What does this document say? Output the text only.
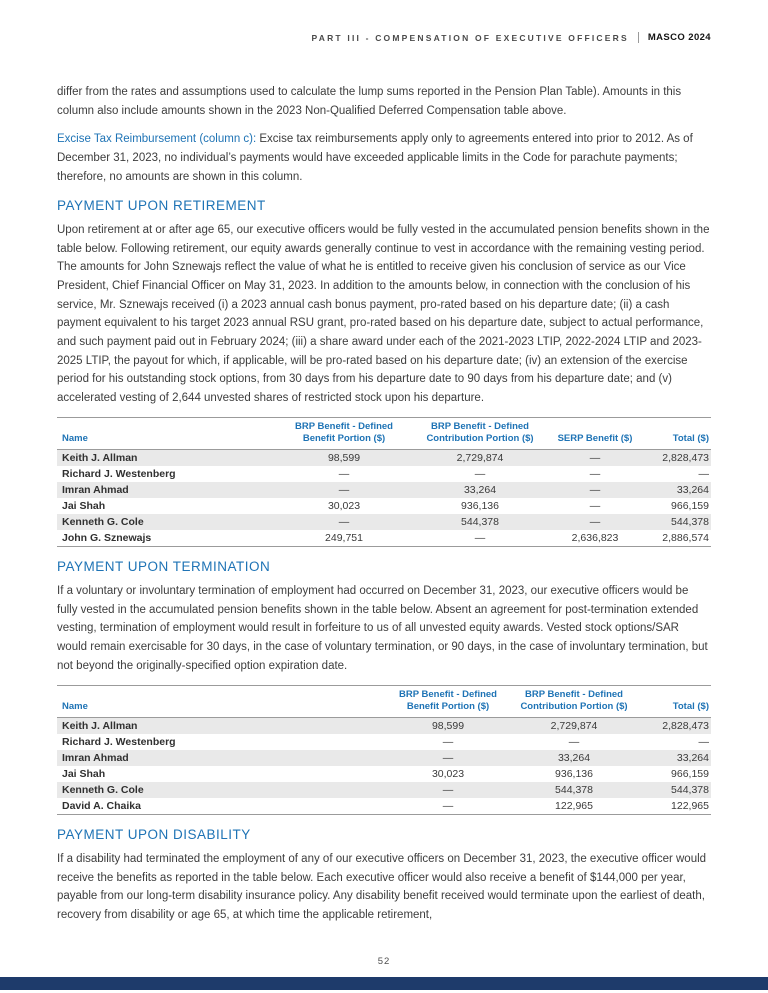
PART III - COMPENSATION OF EXECUTIVE OFFICERS MASCO 2024

differ from the rates and assumptions used to calculate the lump sums reported in the Pension Plan Table). Amounts in this column also include amounts shown in the 2023 Non-Qualified Deferred Compensation table above.

Excise Tax Reimbursement (column c): Excise tax reimbursements apply only to agreements entered into prior to 2012. As of December 31, 2023, no individual’s payments would have exceeded applicable limits in the Code for parachute payments; therefore, no amounts are shown in this column.

PAYMENT UPON RETIREMENT

Upon retirement at or after age 65, our executive officers would be fully vested in the accumulated pension benefits shown in the table below. Following retirement, our equity awards generally continue to vest in accordance with the remaining vesting period. The amounts for John Sznewajs reflect the value of what he is entitled to receive given his conclusion of service as our Vice President, Chief Financial Officer on May 31, 2023. In addition to the amounts below, in connection with the conclusion of his service, Mr. Sznewajs received (i) a 2023 annual cash bonus payment, pro-rated based on his departure date; (ii) a cash payment equivalent to his target 2023 annual RSU grant, pro-rated based on his departure date, subject to actual performance, and such payment paid out in February 2024; (iii) a share award under each of the 2021-2023 LTIP, 2022-2024 LTIP and 2023-2025 LTIP, the payout for which, if applicable, will be pro-rated based on his departure date; (iv) an extension of the exercise period for his outstanding stock options, from 30 days from his departure date to 90 days from his departure date; and (v) accelerated vesting of 2,644 unvested shares of restricted stock upon his departure.

Name	BRP Benefit - Defined Benefit Portion ($)	BRP Benefit - Defined Contribution Portion ($)	SERP Benefit ($)	Total ($)
Keith J. Allman	98,599	2,729,874	—	2,828,473
Richard J. Westenberg	—	—	—	—
Imran Ahmad	—	33,264	—	33,264
Jai Shah	30,023	936,136	—	966,159
Kenneth G. Cole	—	544,378	—	544,378
John G. Sznewajs	249,751	—	2,636,823	2,886,574
PAYMENT UPON TERMINATION

If a voluntary or involuntary termination of employment had occurred on December 31, 2023, our executive officers would be fully vested in the accumulated pension benefits shown in the table below. Absent an agreement for post-termination extended vesting, termination of employment would result in forfeiture to us of all unvested equity awards. Vested stock options/SAR would remain exercisable for 30 days, in the case of voluntary termination, or 90 days, in the case of involuntary termination, but not beyond the originally-specified option expiration date.

Name	BRP Benefit - Defined Benefit Portion ($)	BRP Benefit - Defined Contribution Portion ($)	Total ($)
Keith J. Allman	98,599	2,729,874	2,828,473
Richard J. Westenberg	—	—	—
Imran Ahmad	—	33,264	33,264
Jai Shah	30,023	936,136	966,159
Kenneth G. Cole	—	544,378	544,378
David A. Chaika	—	122,965	122,965
PAYMENT UPON DISABILITY

If a disability had terminated the employment of any of our executive officers on December 31, 2023, the executive officer would receive the benefits as reported in the table below. Each executive officer would also receive a benefit of $144,000 per year, payable from our long-term disability insurance policy. Any disability benefit received would terminate upon the earliest of death, recovery from disability or age 65, at which time the applicable retirement,

52
